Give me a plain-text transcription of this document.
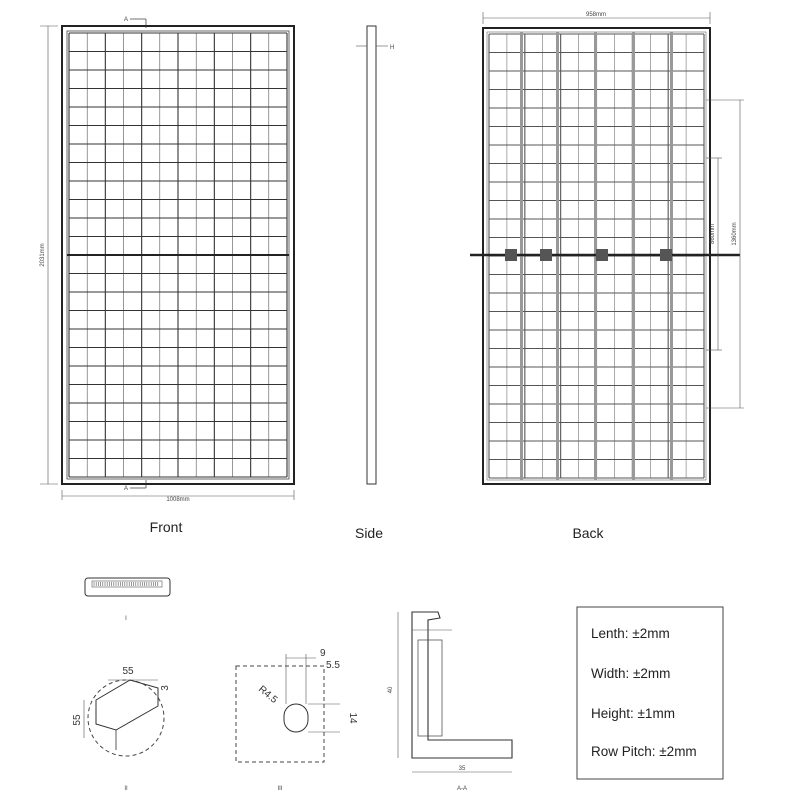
A
A
1008mm
2031mm
Front
H
Side
958mm
860mm	1360mm
Back
I
55
55
3
II
9
5.5
R4.5
14
III
40
35
A-A
Lenth: ±2mm
Width: ±2mm
Height: ±1mm
Row Pitch: ±2mm
